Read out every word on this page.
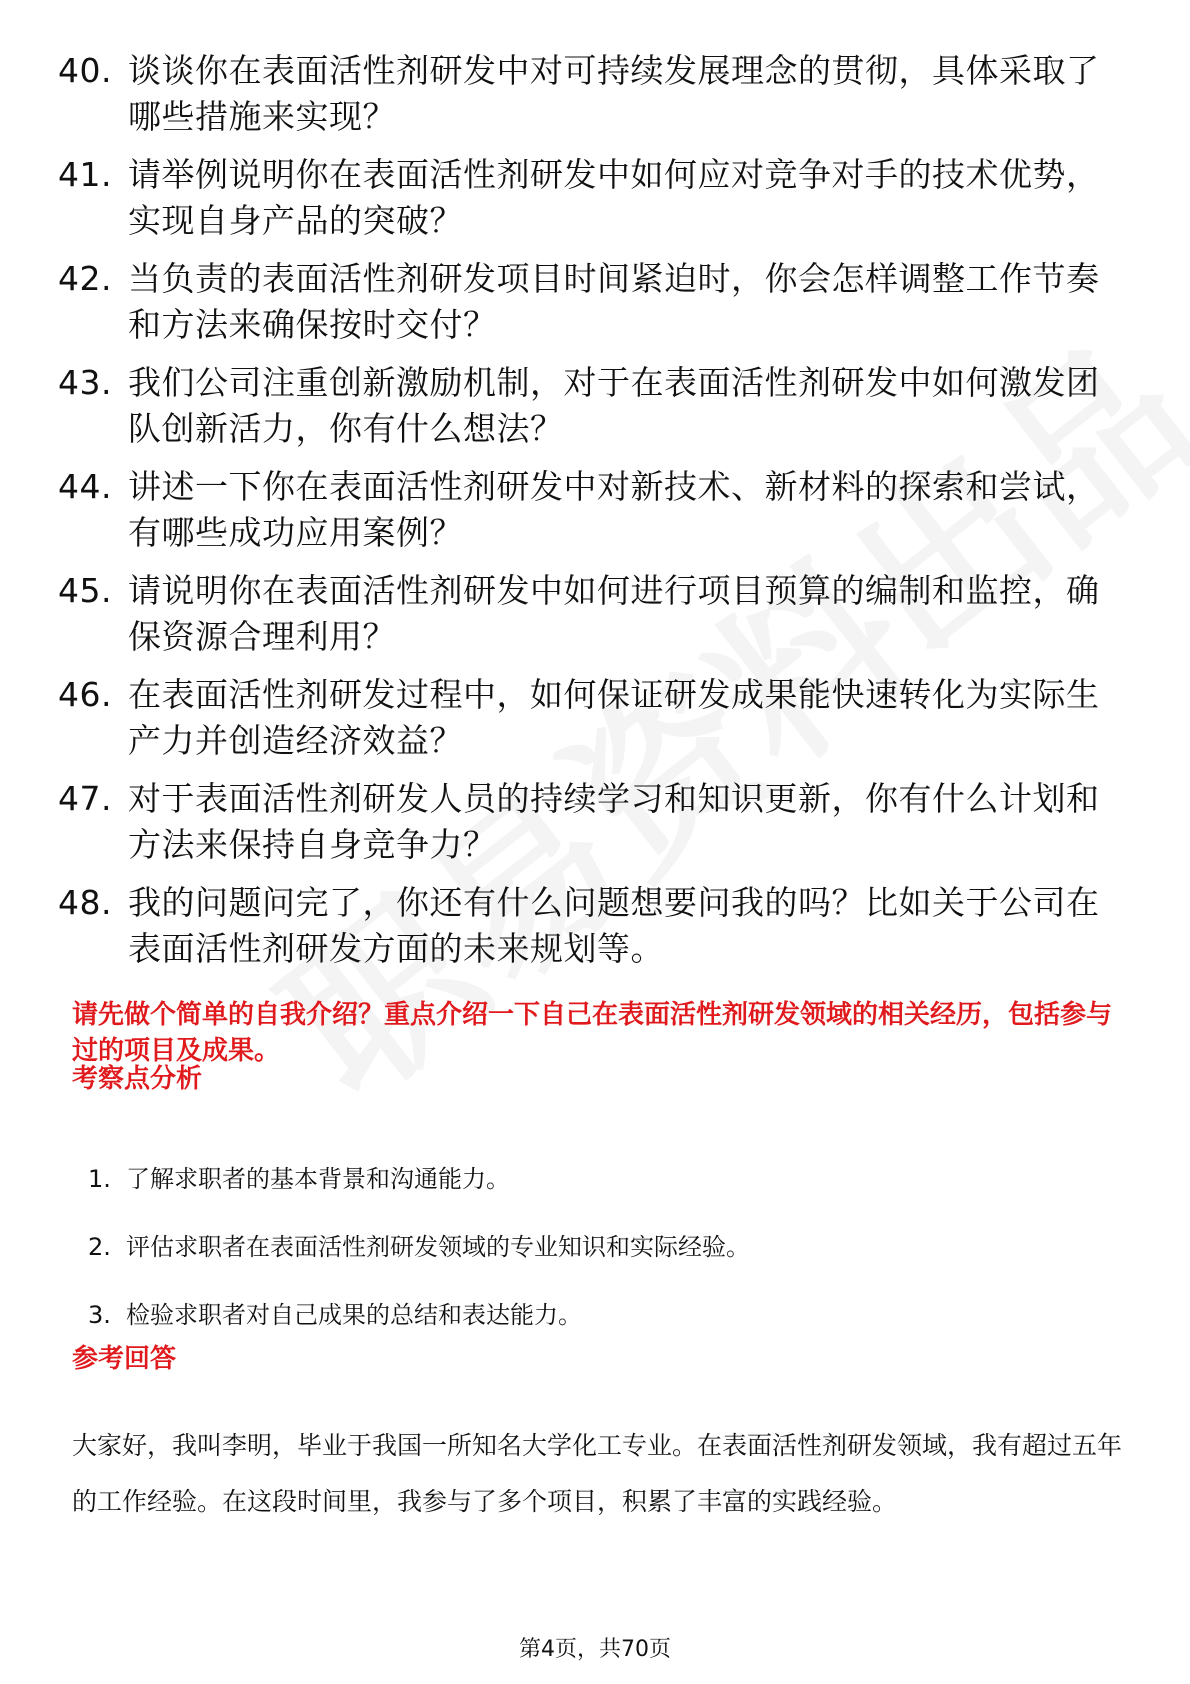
40. 谈谈你在表面活性剂研发中对可持续发展理念的贯彻，具体采取了哪些措施来实现？
41. 请举例说明你在表面活性剂研发中如何应对竞争对手的技术优势，实现自身产品的突破？
42. 当负责的表面活性剂研发项目时间紧迫时，你会怎样调整工作节奏和方法来确保按时交付？
43. 我们公司注重创新激励机制，对于在表面活性剂研发中如何激发团队创新活力，你有什么想法？
44. 讲述一下你在表面活性剂研发中对新技术、新材料的探索和尝试，有哪些成功应用案例？
45. 请说明你在表面活性剂研发中如何进行项目预算的编制和监控，确保资源合理利用？
46. 在表面活性剂研发过程中，如何保证研发成果能快速转化为实际生产力并创造经济效益？
47. 对于表面活性剂研发人员的持续学习和知识更新，你有什么计划和方法来保持自身竞争力？
48. 我的问题问完了，你还有什么问题想要问我的吗？比如关于公司在表面活性剂研发方面的未来规划等。
请先做个简单的自我介绍？重点介绍一下自己在表面活性剂研发领域的相关经历，包括参与过的项目及成果。
考察点分析
1. 了解求职者的基本背景和沟通能力。
2. 评估求职者在表面活性剂研发领域的专业知识和实际经验。
3. 检验求职者对自己成果的总结和表达能力。
参考回答
大家好，我叫李明，毕业于我国一所知名大学化工专业。在表面活性剂研发领域，我有超过五年的工作经验。在这段时间里，我参与了多个项目，积累了丰富的实践经验。
第4页，共70页
